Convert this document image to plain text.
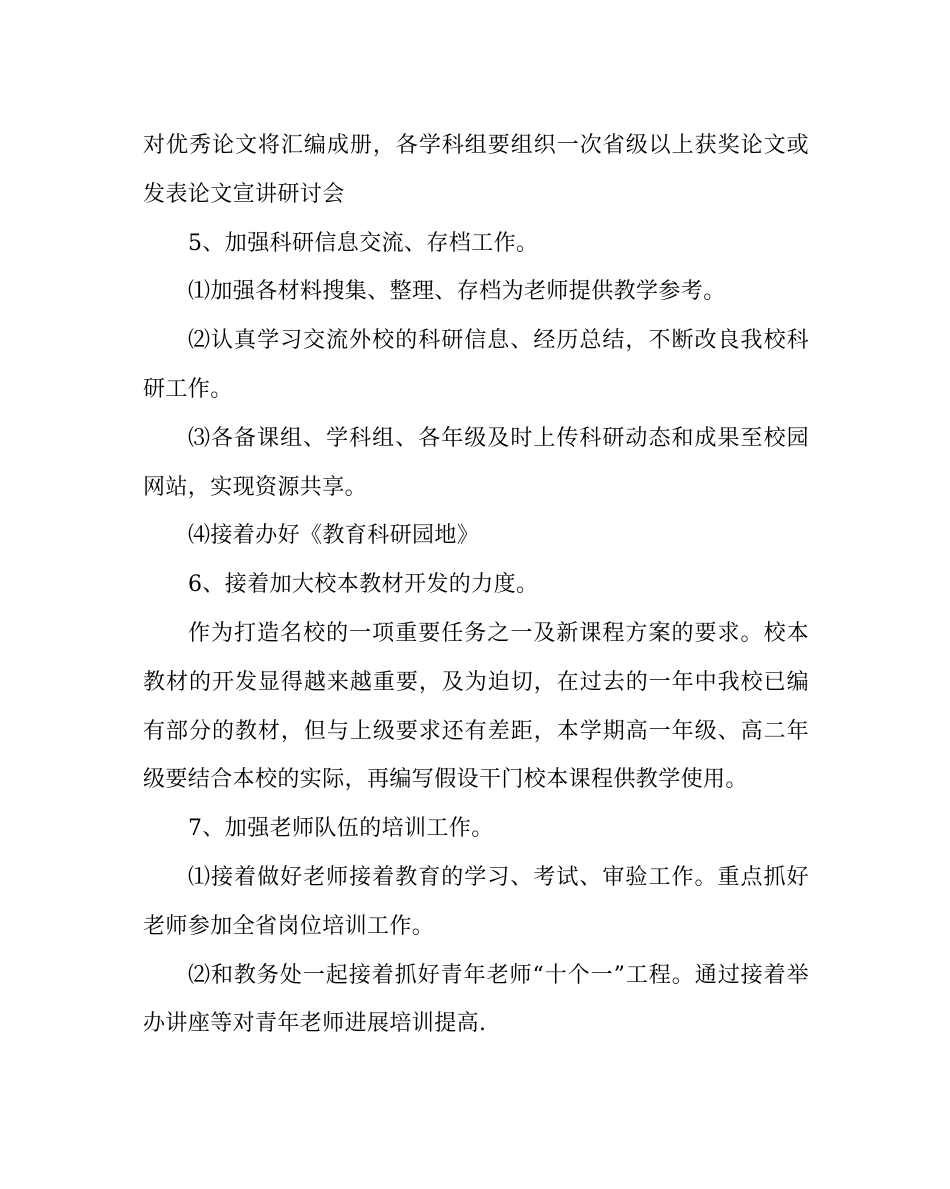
对优秀论文将汇编成册，各学科组要组织一次省级以上获奖论文或发表论文宣讲研讨会

5、加强科研信息交流、存档工作。

⑴加强各材料搜集、整理、存档为老师提供教学参考。

⑵认真学习交流外校的科研信息、经历总结，不断改良我校科研工作。

⑶各备课组、学科组、各年级及时上传科研动态和成果至校园网站，实现资源共享。

⑷接着办好《教育科研园地》

6、接着加大校本教材开发的力度。

作为打造名校的一项重要任务之一及新课程方案的要求。校本教材的开发显得越来越重要，及为迫切，在过去的一年中我校已编有部分的教材，但与上级要求还有差距，本学期高一年级、高二年级要结合本校的实际，再编写假设干门校本课程供教学使用。

7、加强老师队伍的培训工作。

⑴接着做好老师接着教育的学习、考试、审验工作。重点抓好老师参加全省岗位培训工作。

⑵和教务处一起接着抓好青年老师“十个一”工程。通过接着举办讲座等对青年老师进展培训提高.
